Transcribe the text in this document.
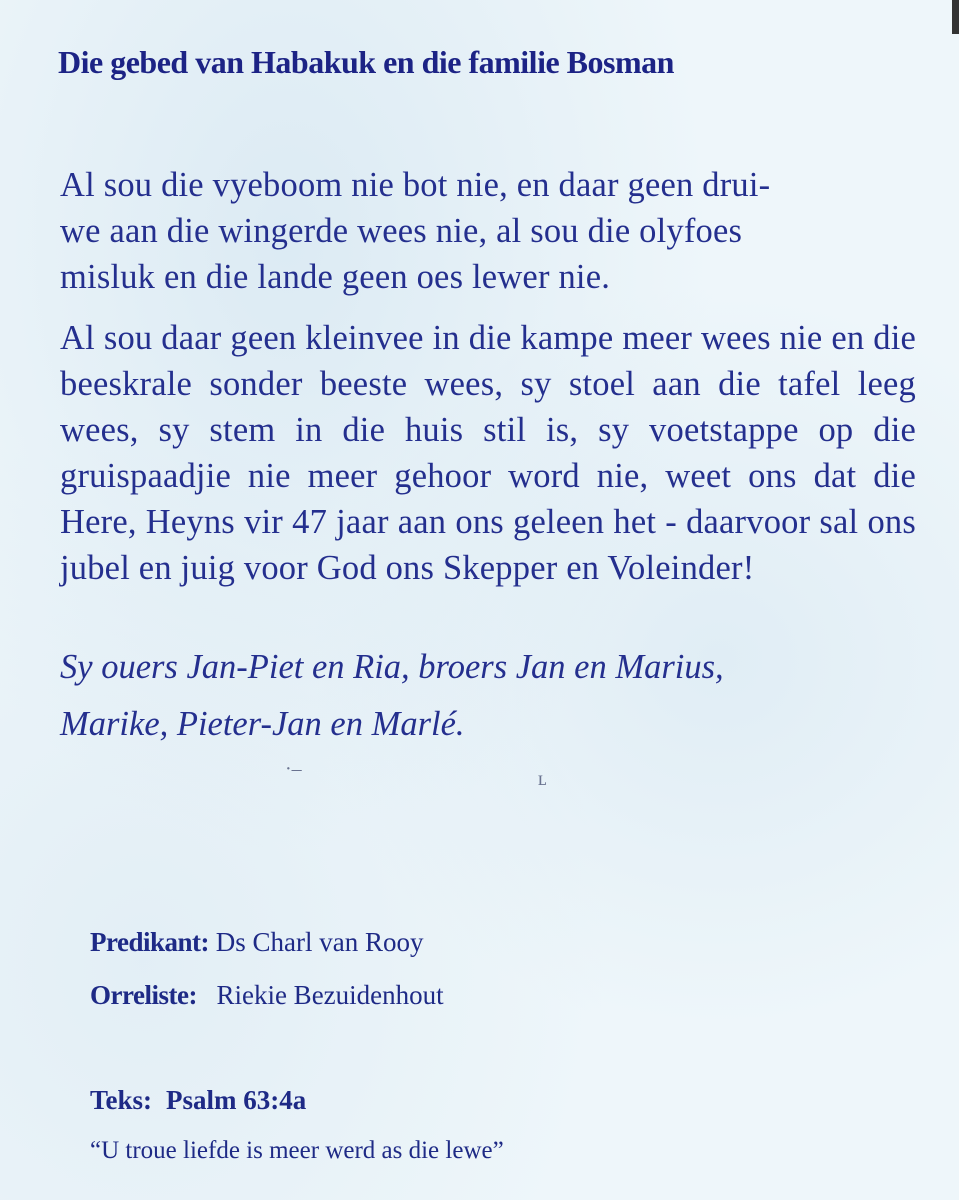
Die gebed van Habakuk en die familie Bosman
Al sou die vyeboom nie bot nie, en daar geen drui-
we aan die wingerde wees nie, al sou die olyfoes
misluk en die lande geen oes lewer nie.
Al sou daar geen kleinvee in die kampe meer wees nie en die beeskrale sonder beeste wees, sy stoel aan die tafel leeg wees, sy stem in die huis stil is, sy voetstappe op die gruispaadjie nie meer gehoor word nie, weet ons dat die Here, Heyns vir 47 jaar aan ons geleen het - daarvoor sal ons jubel en juig voor God ons Skepper en Voleinder!
Sy ouers Jan-Piet en Ria, broers Jan en Marius,
Marike, Pieter-Jan en Marlé.
·–	ʟ
Predikant: Ds Charl van Rooy
Orreliste: Riekie Bezuidenhout
Teks: Psalm 63:4a
“U troue liefde is meer werd as die lewe”
